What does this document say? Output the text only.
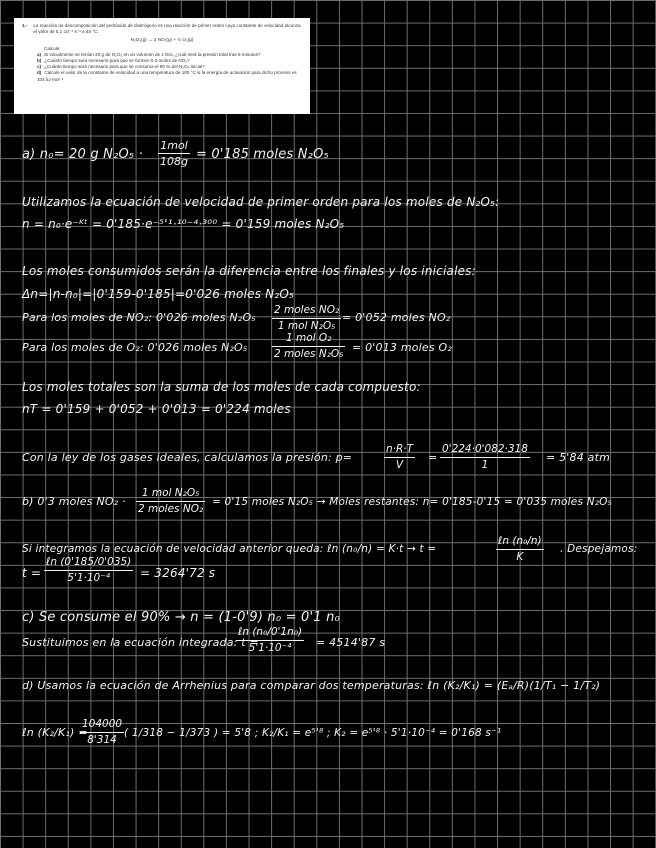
1.- La reacción de descomposición del pentóxido de dinitrógeno es una reacción de primer orden cuya constante de velocidad alcanza el valor de 5.1·10⁻⁴ s⁻¹ a 45 °C.
N₂O₅(g) → 2 NO₂(g) + ½ O₂(g)
Calcule:
a) Si inicialmente se tenían 20 g de N₂O₅ en un volumen de 1 litro, ¿cuál será la presión total tras 5 minutos?
b) ¿Cuánto tiempo será necesario para que se formen 0.3 moles de NO₂?
c) ¿Cuánto tiempo será necesario para que se consuma el 90 % del N₂O₅ inicial?
d) Calcule el valor de la constante de velocidad a una temperatura de 100 °C si la energía de activación para dicho proceso es 104 kJ·mol⁻¹.
a) n₀= 20 g N₂O₅ ·
1mol
108g = 0'185 moles N₂O₅
Utilizamos la ecuación de velocidad de primer orden para los moles de N₂O₅:
n = n₀·e⁻ᴷᵗ = 0'185·e⁻⁵'¹·¹⁰⁻⁴·³⁰⁰ = 0'159 moles N₂O₅
Los moles consumidos serán la diferencia entre los finales y los iniciales:
Δn=|n-n₀|=|0'159-0'185|=0'026 moles N₂O₅
Para los moles de NO₂: 0'026 moles N₂O₅
2 moles NO₂
1 mol N₂O₅
= 0'052 moles NO₂
Para los moles de O₂: 0'026 moles N₂O₅
1 mol O₂
2 moles N₂O₅ = 0'013 moles O₂
Los moles totales son la suma de los moles de cada compuesto:
nT = 0'159 + 0'052 + 0'013 = 0'224 moles
Con la ley de los gases ideales, calculamos la presión: p=	$\frac{n\cdot R\cdot T}{V} = \frac{0'224\cdot 0'082\cdot 318}{1} = 5'84$ atm
b) 0'3 moles NO₂ ·
1 mol N₂O₅
2 moles NO₂
= 0'15 moles N₂O₅ → Moles restantes: n= 0'185-0'15 = 0'035 moles N₂O₅
Si integramos la ecuación de velocidad anterior queda: ℓn (n₀/n) = K·t → t =
ℓn (n₀/n)
K
. Despejamos:
t =
ℓn (0'185/0'035)
5'1·10⁻⁴	= 3264'72 s
c) Se consume el 90% → n = (1-0'9) n₀ = 0'1 n₀
Sustituimos en la ecuación integrada: t =
ℓn (n₀/0'1n₀)
5'1·10⁻⁴	= 4514'87 s
d) Usamos la ecuación de Arrhenius para comparar dos temperaturas: ℓn (K₂/K₁) = (Eₐ/R)(1/T₁ − 1/T₂)
ℓn (K₂/K₁) =
$\frac{104000}{8'314}$ ( 1/318 − 1/373 ) = 5'8 ; K₂/K₁ = e⁵'⁸ ; K₂ = e⁵'⁸ · 5'1·10⁻⁴ = 0'168 s⁻¹
